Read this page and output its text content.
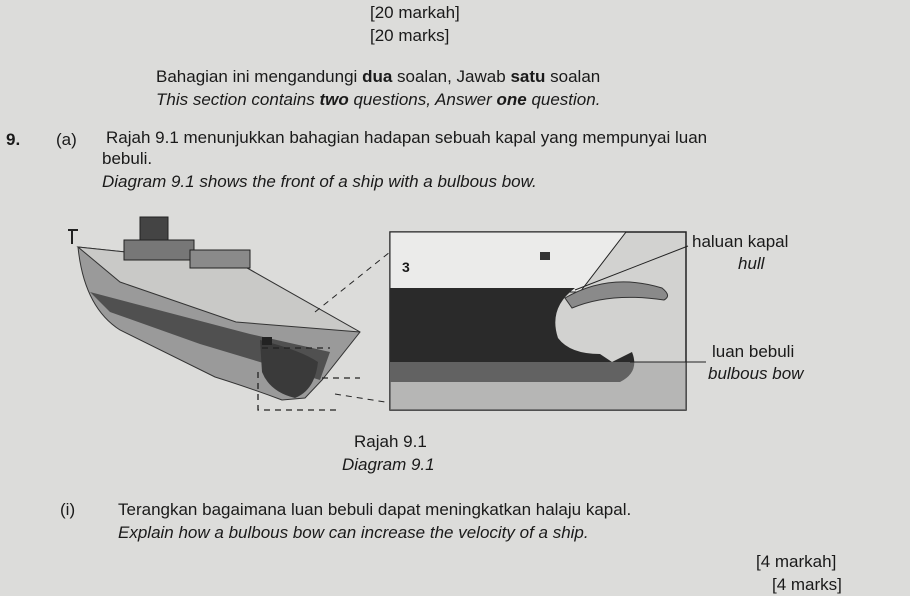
[20 markah]
[20 marks]
Bahagian ini mengandungi dua soalan, Jawab satu soalan
This section contains two questions, Answer one question.
9. (a) Rajah 9.1 menunjukkan bahagian hadapan sebuah kapal yang mempunyai luan
bebuli.
Diagram 9.1 shows the front of a ship with a bulbous bow.
3
haluan kapal
hull
luan bebuli
bulbous bow
Rajah 9.1
Diagram 9.1
(i)	Terangkan bagaimana luan bebuli dapat meningkatkan halaju kapal.
Explain how a bulbous bow can increase the velocity of a ship.
[4 markah]
[4 marks]
